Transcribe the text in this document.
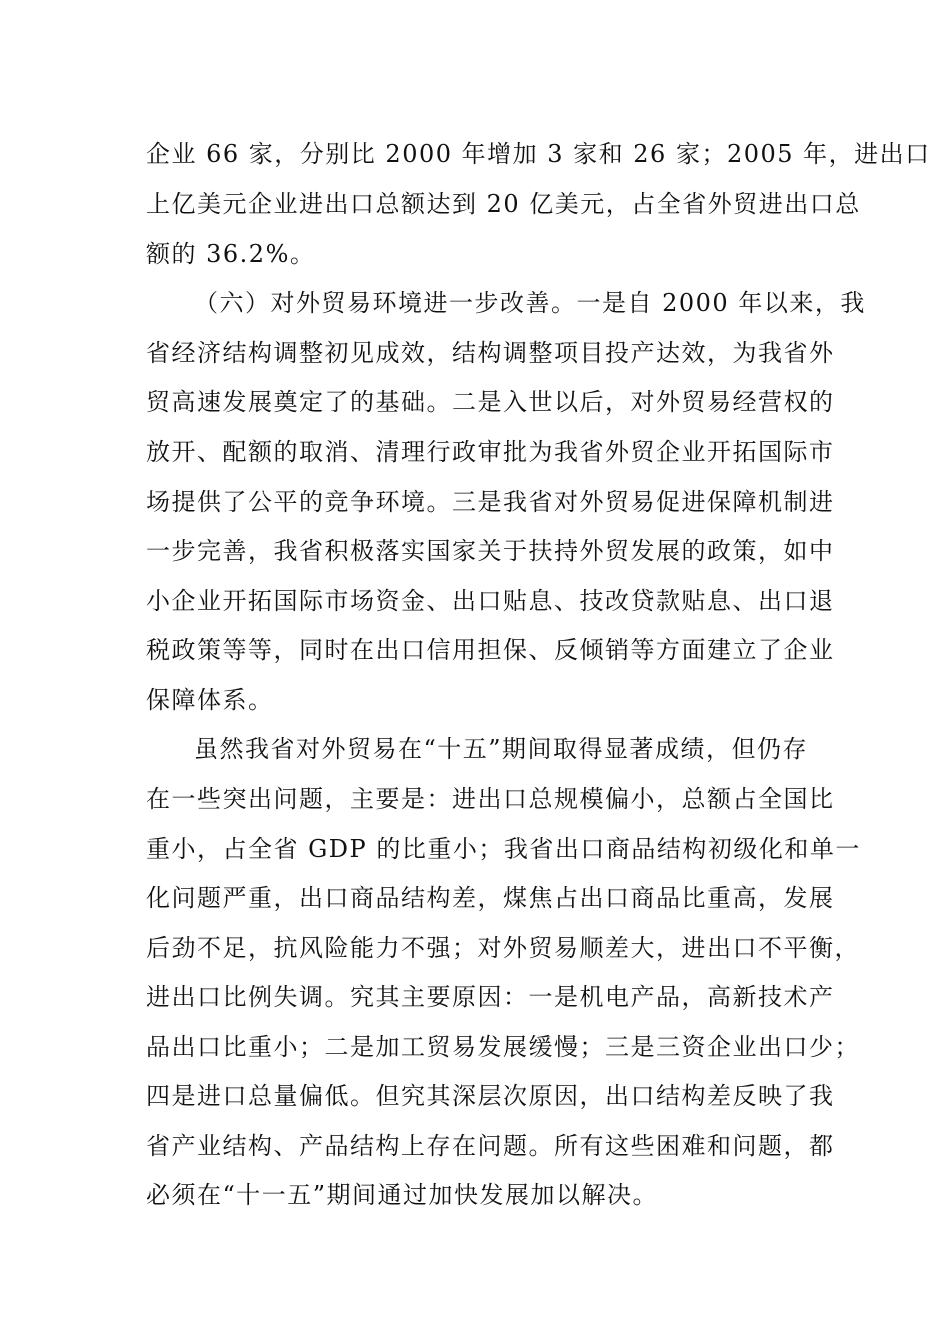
企业 66 家，分别比 2000 年增加 3 家和 26 家；2005 年，进出口
上亿美元企业进出口总额达到 20 亿美元，占全省外贸进出口总
额的 36.2%。
（六）对外贸易环境进一步改善。一是自 2000 年以来，我
省经济结构调整初见成效，结构调整项目投产达效，为我省外
贸高速发展奠定了的基础。二是入世以后，对外贸易经营权的
放开、配额的取消、清理行政审批为我省外贸企业开拓国际市
场提供了公平的竞争环境。三是我省对外贸易促进保障机制进
一步完善，我省积极落实国家关于扶持外贸发展的政策，如中
小企业开拓国际市场资金、出口贴息、技改贷款贴息、出口退
税政策等等，同时在出口信用担保、反倾销等方面建立了企业
保障体系。
虽然我省对外贸易在“十五”期间取得显著成绩，但仍存
在一些突出问题，主要是：进出口总规模偏小，总额占全国比
重小，占全省 GDP 的比重小；我省出口商品结构初级化和单一
化问题严重，出口商品结构差，煤焦占出口商品比重高，发展
后劲不足，抗风险能力不强；对外贸易顺差大，进出口不平衡，
进出口比例失调。究其主要原因：一是机电产品，高新技术产
品出口比重小；二是加工贸易发展缓慢；三是三资企业出口少；
四是进口总量偏低。但究其深层次原因，出口结构差反映了我
省产业结构、产品结构上存在问题。所有这些困难和问题，都
必须在“十一五”期间通过加快发展加以解决。
